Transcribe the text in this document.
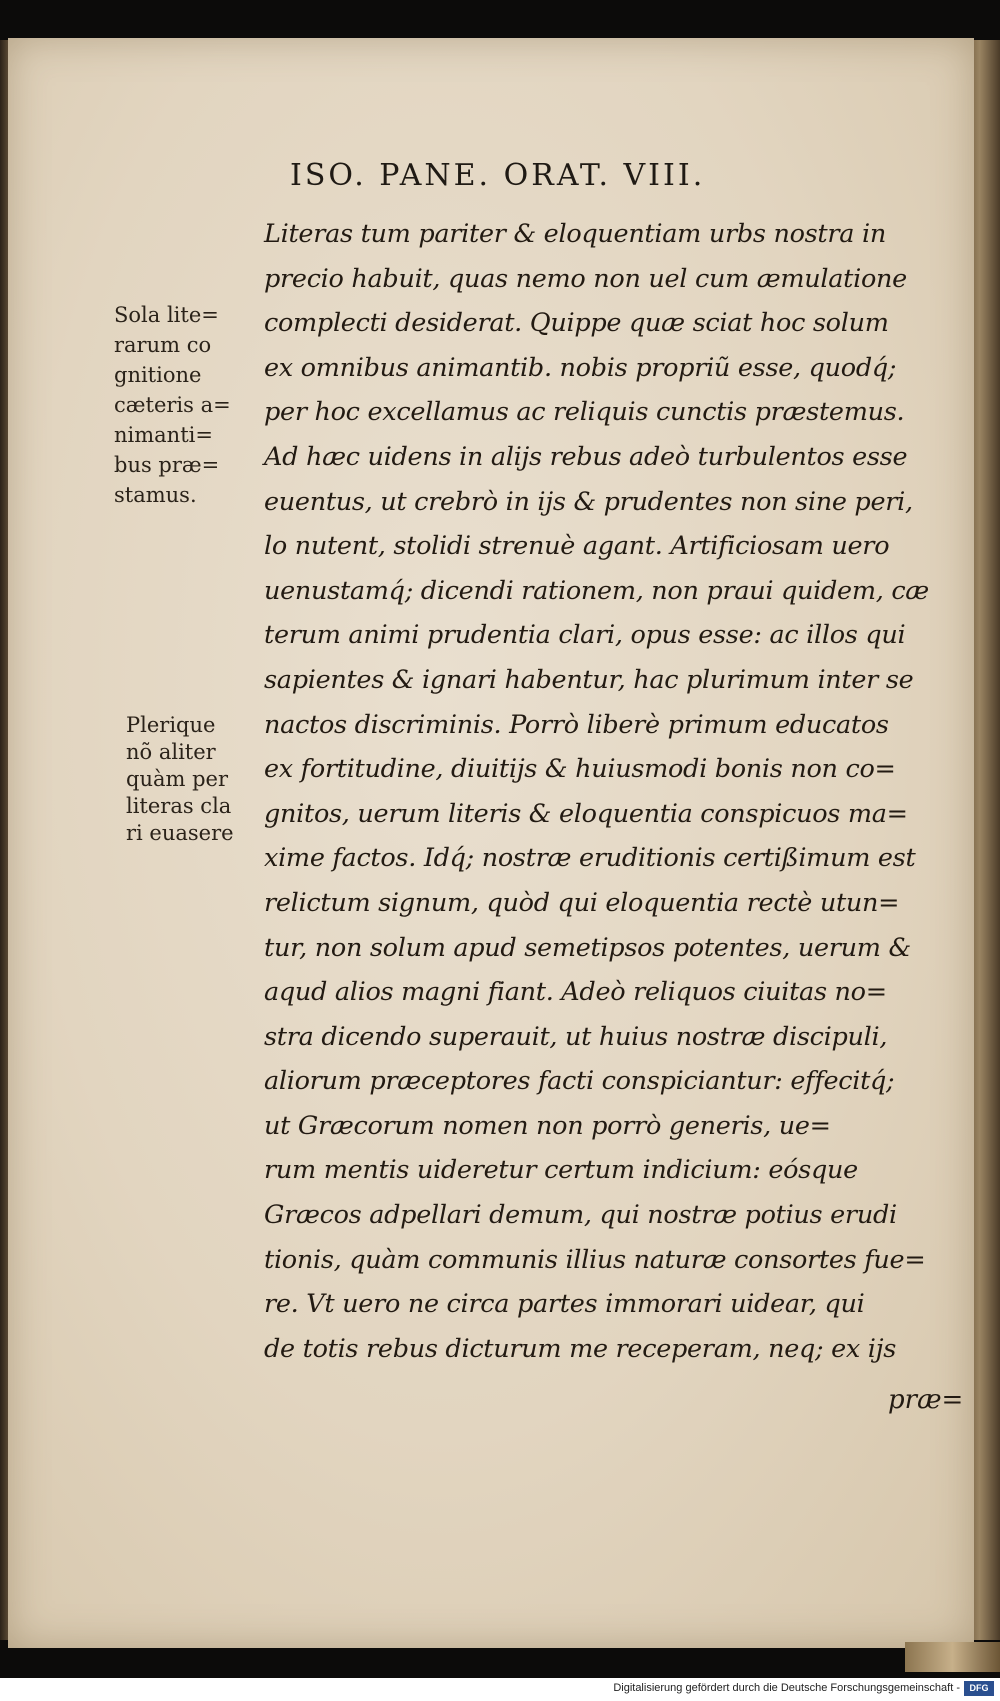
ISO. PANE. ORAT. VIII.
Literas tum pariter & eloquentiam urbs nostra in
precio habuit, quas nemo non uel cum æmulatione
complecti desiderat. Quippe quæ sciat hoc solum
ex omnibus animantib. nobis propriũ esse, quodq́;
per hoc excellamus ac reliquis cunctis præstemus.
Ad hæc uidens in alijs rebus adeò turbulentos esse
euentus, ut crebrò in ijs & prudentes non sine peri,
lo nutent, stolidi strenuè agant. Artificiosam uero
uenustamq́; dicendi rationem, non praui quidem, cæ
terum animi prudentia clari, opus esse: ac illos qui
sapientes & ignari habentur, hac plurimum inter se
nactos discriminis. Porrò liberè primum educatos
ex fortitudine, diuitijs & huiusmodi bonis non co=
gnitos, uerum literis & eloquentia conspicuos ma=
xime factos. Idq́; nostræ eruditionis certißimum est
relictum signum, quòd qui eloquentia rectè utun=
tur, non solum apud semetipsos potentes, uerum &
aqud alios magni fiant. Adeò reliquos ciuitas no=
stra dicendo superauit, ut huius nostræ discipuli,
aliorum præceptores facti conspiciantur: effecitq́;
ut Græcorum nomen non porrò generis, ue=
rum mentis uideretur certum indicium: eósque
Græcos adpellari demum, qui nostræ potius erudi
tionis, quàm communis illius naturæ consortes fue=
re. Vt uero ne circa partes immorari uidear, qui
de totis rebus dicturum me receperam, neq; ex ijs
præ=
Sola lite=
rarum co
gnitione
cæteris a=
nimanti=
bus præ=
stamus.
Plerique
nõ aliter
quàm per
literas cla
ri euasere
Digitalisierung gefördert durch die Deutsche Forschungsgemeinschaft -	DFG
